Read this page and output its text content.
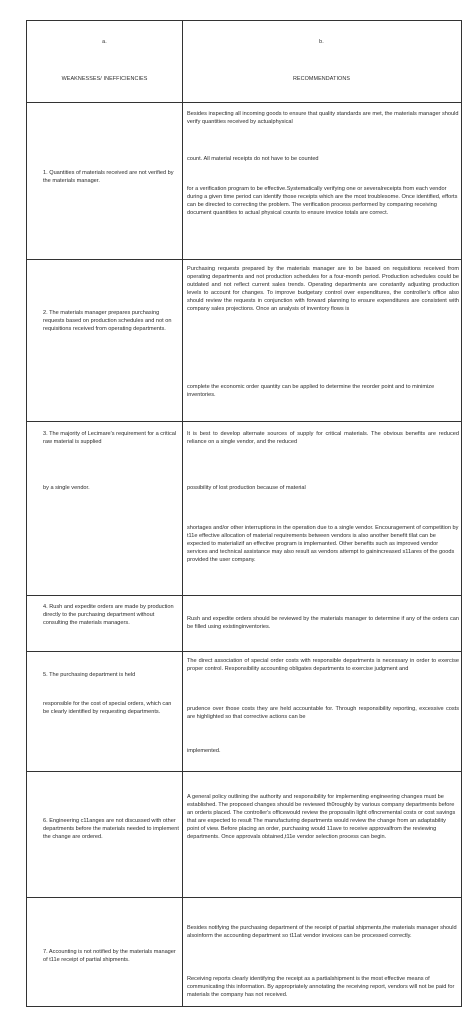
a.	b.

WEAKNESSES/ INEFFICIENCIES	RECOMMENDATIONS

1. Quantities of materials received are not verified by the materials manager.

Besides inspecting all incoming goods to ensure that quality standards are met, the materials manager should verify quantities received by actualphysical

count. All material receipts do not have to be counted

for a verification program to be effective.Systematically verifying one or severalreceipts from each vendor during a given time period can identify those receipts which are the most troublesome. Once identified, efforts can be directed to correcting the problem. The verification process performed by comparing receiving document quantities to actual physical counts to ensure invoice totals are correct.

2. The materials manager prepares purchasing requests based on production schedules and not on requisitions received from operating departments.

Purchasing requests prepared by the materials manager are to be based on requisitions received from operating departments and not production schedules for a four-month period. Production schedules could be outdated and not reflect current sales trends. Operating departments are constantly adjusting production levels to account for changes. To improve budgetary control over expenditures, the controller's office also should review the requests in conjunction with forward planning to ensure expenditures are consistent with company sales projections. Once an analysis of inventory flows is

complete the economic order quantity can be applied to determine the reorder point and to minimize inventories.

3. The majority of Lecimare's requirement for a critical raw material is supplied

by a single vendor.

It is best to develop alternate sources of supply for critical materials. The obvious benefits are reduced reliance on a single vendor, and the reduced

possibility of lost production because of material

shortages and/or other interruptions in the operation due to a single vendor. Encouragement of competition by t11e effective allocation of material requirements between vendors is also another benefit tllat can be expected to materializif an effective program is implemanted. Other benefits such as improved vendor services and technical assistance may also result as vendors attempt to gainincreased s11ares of the goods provided the user company.

4. Rush and expedite orders are made by production directly to the purchasing department without consulting the materials managers.

Rush and expedite orders should be reviewed by the materials manager to determine if any of the orders can be filled using existinginventories.

5. The purchasing department is held

responsible for the cost of special orders, which can be clearly identified by requesting departments.

The direct association of special order costs with responsible departments is necessary in order to exercise proper control. Responsibility accounting obligates departments to exercise judgment and

prudence over those costs they are held accountable for. Through responsibility reporting, excessive costs are highlighted so that corrective actions can be

implemented.

6. Engineering c11anges are not discussed with other departments before the materials needed to implement the change are ordered.

A general policy outlining the authority and responsibility for implementing engineering changes must be established. The proposed changes should be reviewed th0roughly by various company departments before an orderis placed. The controller's officewould review the proposalin light oflncremental costs or cost savings that are expected to result The manufacturing departments would review the change from an adaptability point of view. Before placing an order, purchasing would 11ave to receive approvalfrom the reviewing departments. Once approvals obtained,t11e vendor selection process can begin.

7. Accounting is not notified by the materials manager of t11e receipt of partial shipments.

Besides notifying the purchasing department of the receipt of partial shipments,the materials manager should alsoinform the accounting department so t11at vendor invoices can be processed correctly.

Receiving reports clearly identifying the receipt as a partialshipment is the most effective means of communicating this information. By appropriately annotating the receiving report, vendors will not be paid for materials the company has not received.
